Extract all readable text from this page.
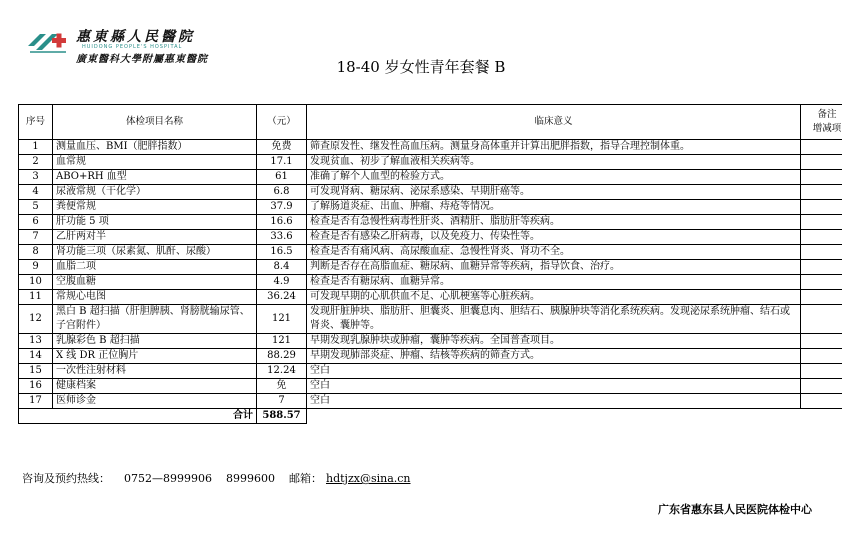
惠東縣人民醫院
HUIDONG PEOPLE'S HOSPITAL
廣東醫科大學附屬惠東醫院	18-40 岁女性青年套餐 B
序号	体检项目名称	（元）	临床意义	备注
增减项
1	测量血压、BMI（肥胖指数）	免费	筛查原发性、继发性高血压病。测量身高体重并计算出肥胖指数，指导合理控制体重。	
2	血常规	17.1	发现贫血、初步了解血液相关疾病等。	
3	ABO+RH 血型	61	准确了解个人血型的检验方式。	
4	尿液常规（干化学）	6.8	可发现肾病、糖尿病、泌尿系感染、早期肝癌等。	
5	粪便常规	37.9	了解肠道炎症、出血、肿瘤、痔疮等情况。	
6	肝功能 5 项	16.6	检查是否有急慢性病毒性肝炎、酒精肝、脂肪肝等疾病。	
7	乙肝两对半	33.6	检查是否有感染乙肝病毒，以及免疫力、传染性等。	
8	肾功能三项（尿素氮、肌酐、尿酸）	16.5	检查是否有痛风病、高尿酸血症、急慢性肾炎、肾功不全。	
9	血脂二项	8.4	判断是否存在高脂血症、糖尿病、血糖异常等疾病，指导饮食、治疗。	
10	空腹血糖	4.9	检查是否有糖尿病、血糖异常。	
11	常规心电图	36.24	可发现早期的心肌供血不足、心肌梗塞等心脏疾病。	
12	黑白 B 超扫描（肝胆脾胰、肾膀胱输尿管、子宫附件）	121	发现肝脏肿块、脂肪肝、胆囊炎、胆囊息肉、胆结石、胰腺肿块等消化系统疾病。发现泌尿系统肿瘤、结石或肾炎、囊肿等。	
13	乳腺彩色 B 超扫描	121	早期发现乳腺肿块或肿瘤，囊肿等疾病。全国普查项目。	
14	X 线 DR 正位胸片	88.29	早期发现肺部炎症、肿瘤、结核等疾病的筛查方式。	
15	一次性注射材料	12.24	空白	
16	健康档案	免	空白	
17	医师诊金	7	空白	
合计		588.57		
咨询及预约热线： 0752—8999906 8999600 邮箱： hdtjzx@sina.cn
广东省惠东县人民医院体检中心
